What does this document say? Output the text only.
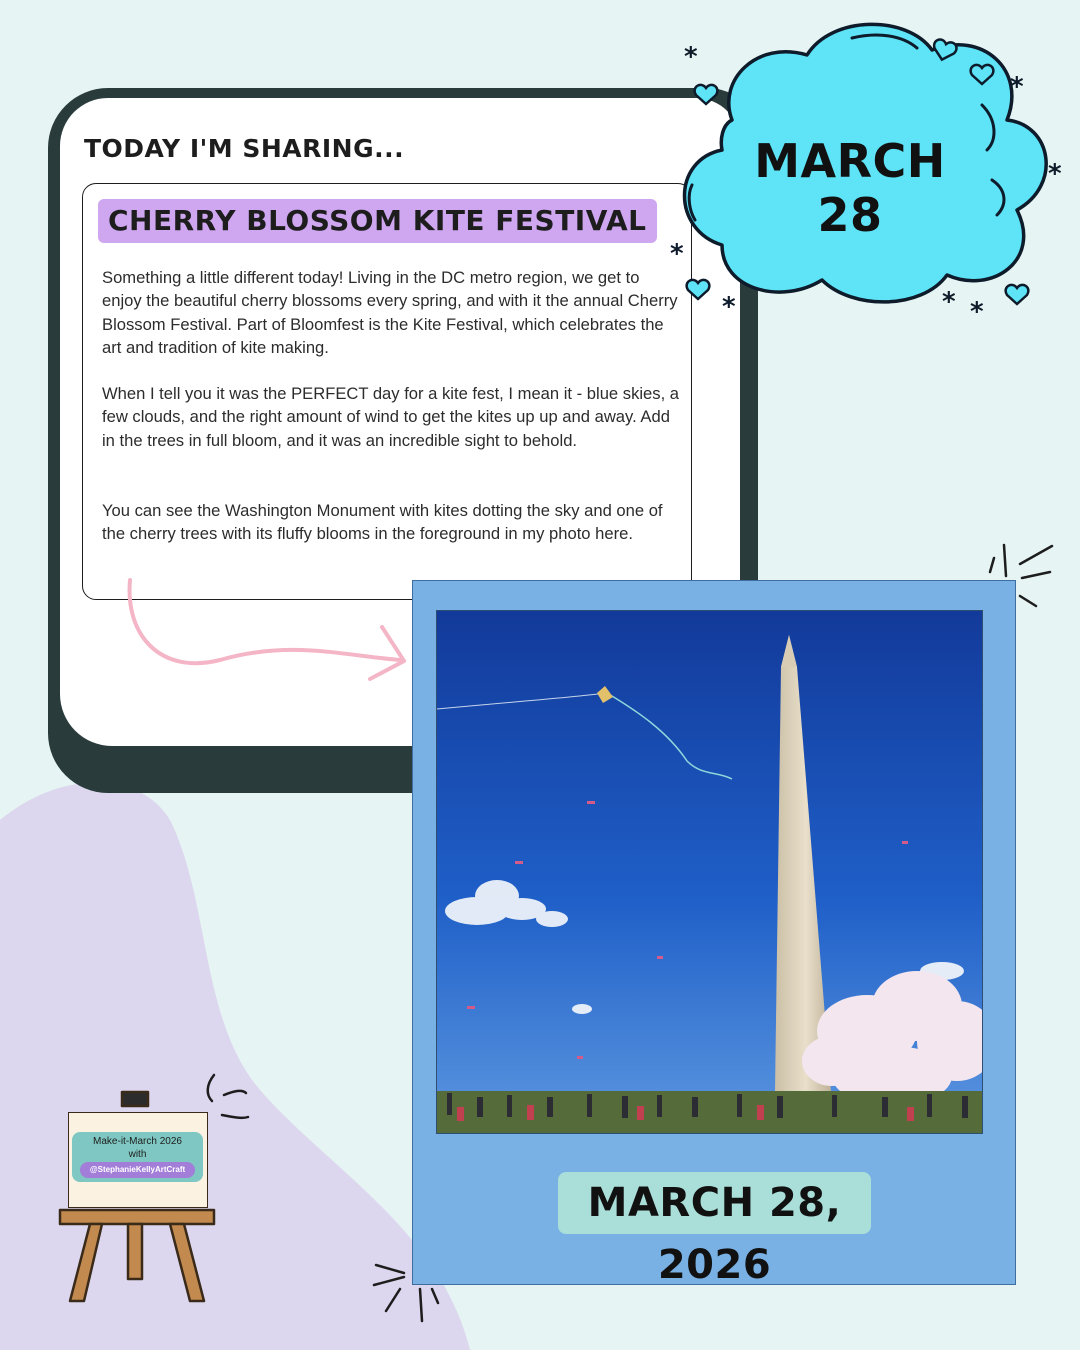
TODAY I'M SHARING...
CHERRY BLOSSOM KITE FESTIVAL

Something a little different today! Living in the DC metro region, we get to enjoy the beautiful cherry blossoms every spring, and with it the annual Cherry Blossom Festival. Part of Bloomfest is the Kite Festival, which celebrates the art and tradition of kite making.

When I tell you it was the PERFECT day for a kite fest, I mean it - blue skies, a few clouds, and the right amount of wind to get the kites up up and away. Add in the trees in full bloom, and it was an incredible sight to behold.

You can see the Washington Monument with kites dotting the sky and one of the cherry trees with its fluffy blooms in the foreground in my photo here.

*
*
*
*
*	* *
MARCH 28
MARCH 28, 2026
Make-it-March 2026
with
@StephanieKellyArtCraft
